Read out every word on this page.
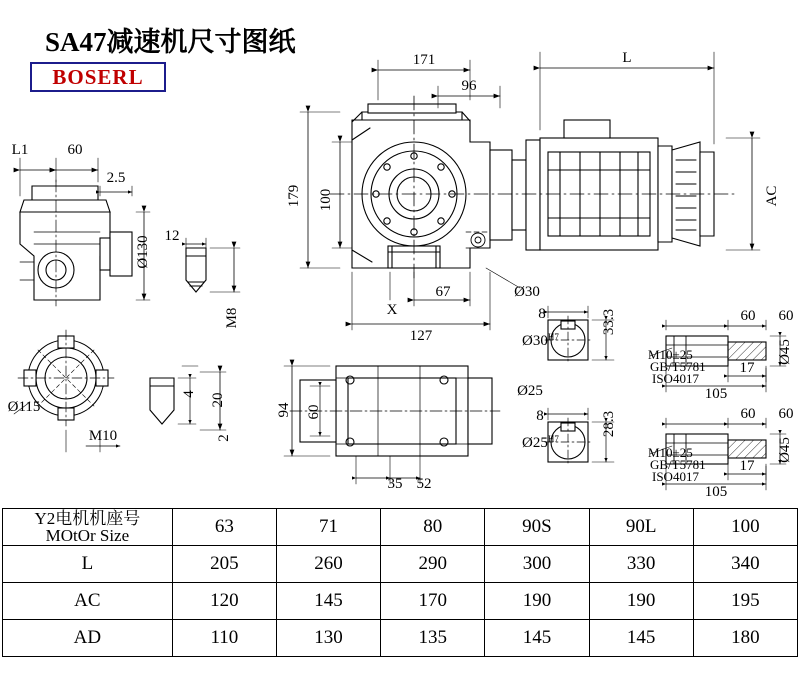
SA47减速机尺寸图纸
BOSERL
171
96
L
67
127
X
Ø30
60
L1
2.5
12
Ø115
M10
35 52
8
8
Ø25
60 60
17
105
60 60
17
105
M10±25
GB/T5781
ISO4017
M10±25
GB/T5781
ISO4017
$Ø30^{H7}$
$Ø25^{H7}$
179 100	AC
Ø130
M8
4 20
2
94 60
33.3
28.3
Ø45
Ø45
Y2电机机座号
MOtOr Size	63	71	80	90S	90L	100
L	205	260	290	300	330	340
AC	120	145	170	190	190	195
AD	110	130	135	145	145	180
